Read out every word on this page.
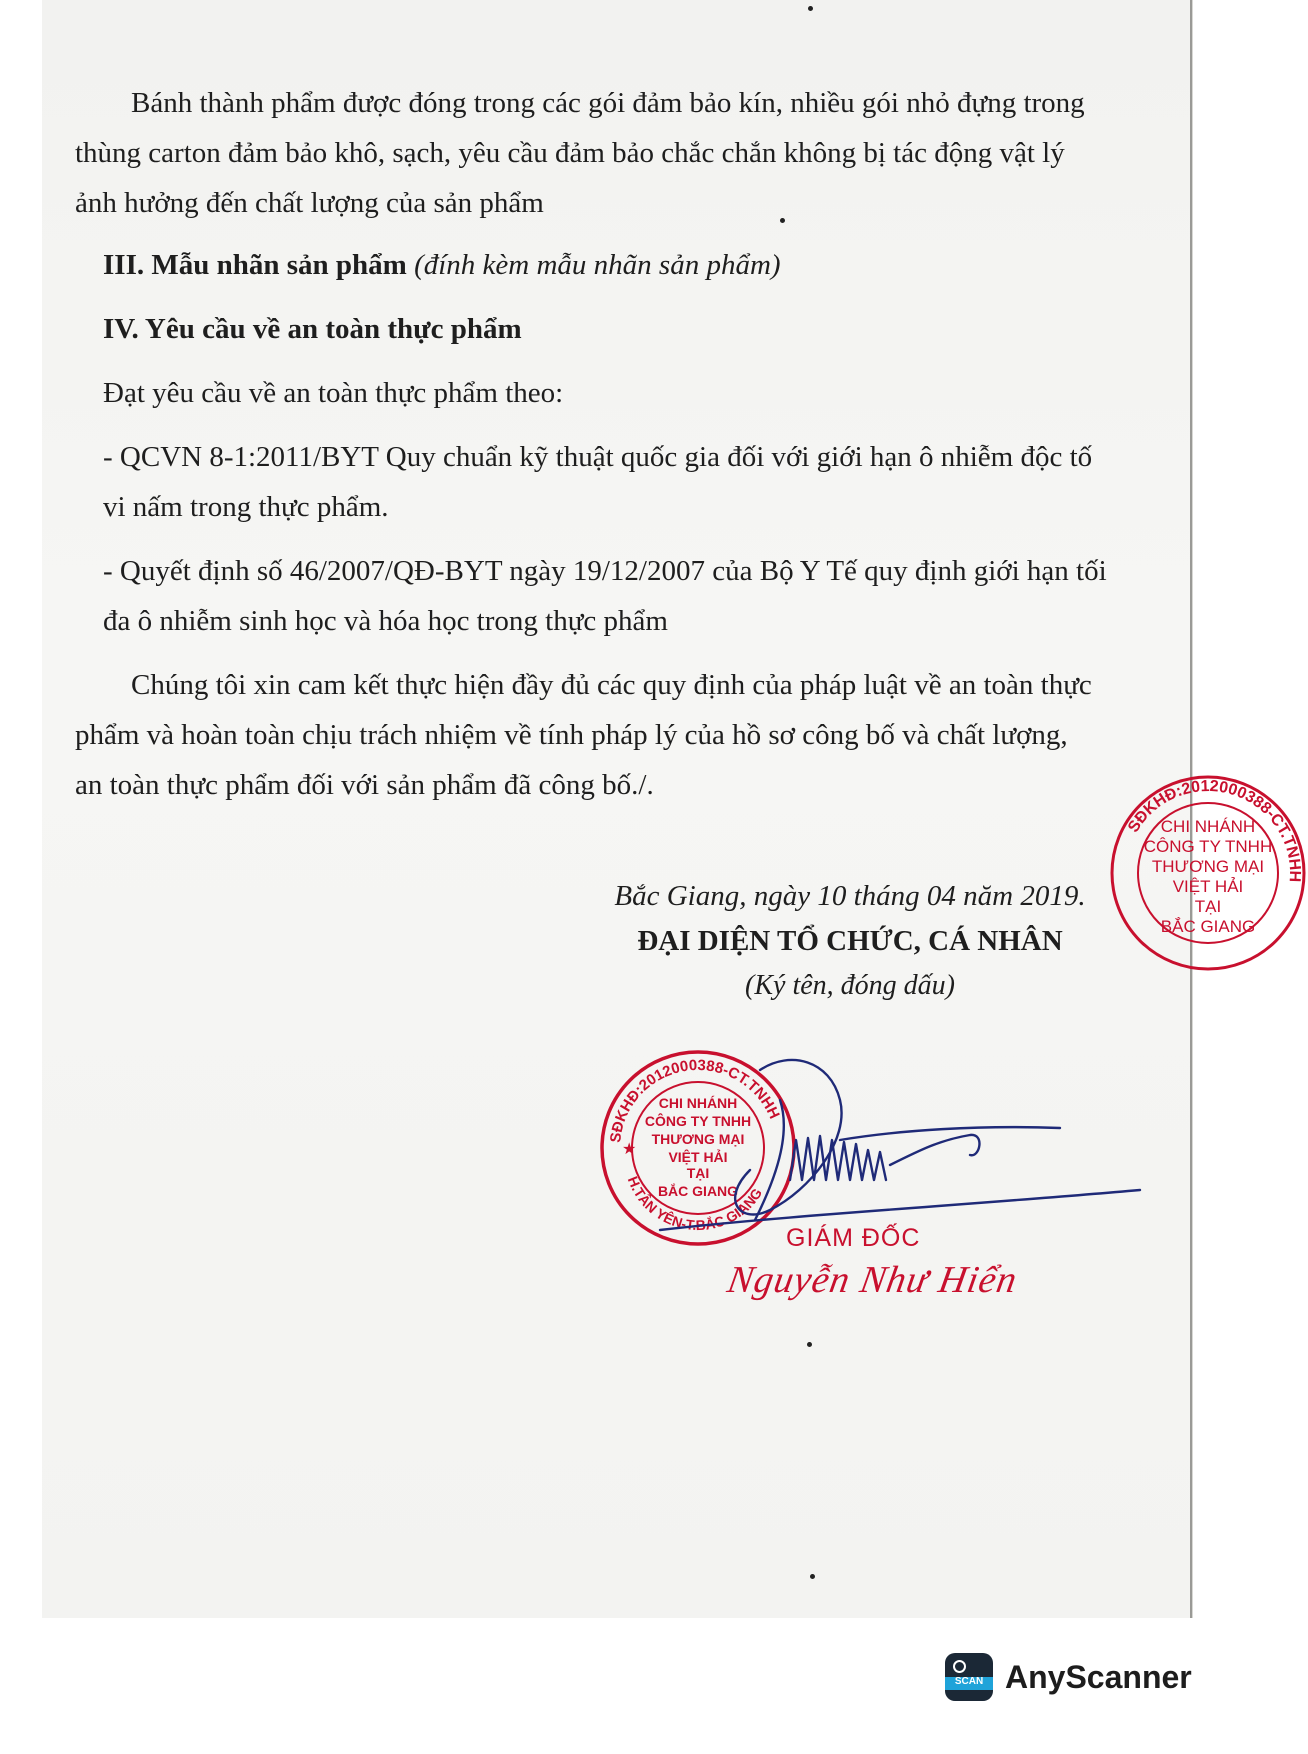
Bánh thành phẩm được đóng trong các gói đảm bảo kín, nhiều gói nhỏ đựng trong
thùng carton đảm bảo khô, sạch, yêu cầu đảm bảo chắc chắn không bị tác động vật lý
ảnh hưởng đến chất lượng của sản phẩm

III. Mẫu nhãn sản phẩm (đính kèm mẫu nhãn sản phẩm)

IV. Yêu cầu về an toàn thực phẩm

Đạt yêu cầu về an toàn thực phẩm theo:

- QCVN 8-1:2011/BYT Quy chuẩn kỹ thuật quốc gia đối với giới hạn ô nhiễm độc tố
vi nấm trong thực phẩm.

- Quyết định số 46/2007/QĐ-BYT ngày 19/12/2007 của Bộ Y Tế quy định giới hạn tối
đa ô nhiễm sinh học và hóa học trong thực phẩm

Chúng tôi xin cam kết thực hiện đầy đủ các quy định của pháp luật về an toàn thực
phẩm và hoàn toàn chịu trách nhiệm về tính pháp lý của hồ sơ công bố và chất lượng,
an toàn thực phẩm đối với sản phẩm đã công bố./.

Bắc Giang, ngày 10 tháng 04 năm 2019.
ĐẠI DIỆN TỔ CHỨC, CÁ NHÂN
(Ký tên, đóng dấu)
SĐKHĐ:2012000388-CT.TNHH
CHI NHÁNH
CÔNG TY TNHH
THƯƠNG MẠI
VIỆT HẢI
TẠI
BẮC GIANG
SĐKHĐ:2012000388-CT.TNHH
H.TÂN YÊN-T.BẮC GIANG
★
CHI NHÁNH
CÔNG TY TNHH
THƯƠNG MẠI
VIỆT HẢI
TẠI
BẮC GIANG
GIÁM ĐỐC
Nguyễn Như Hiển
SCAN AnyScanner
